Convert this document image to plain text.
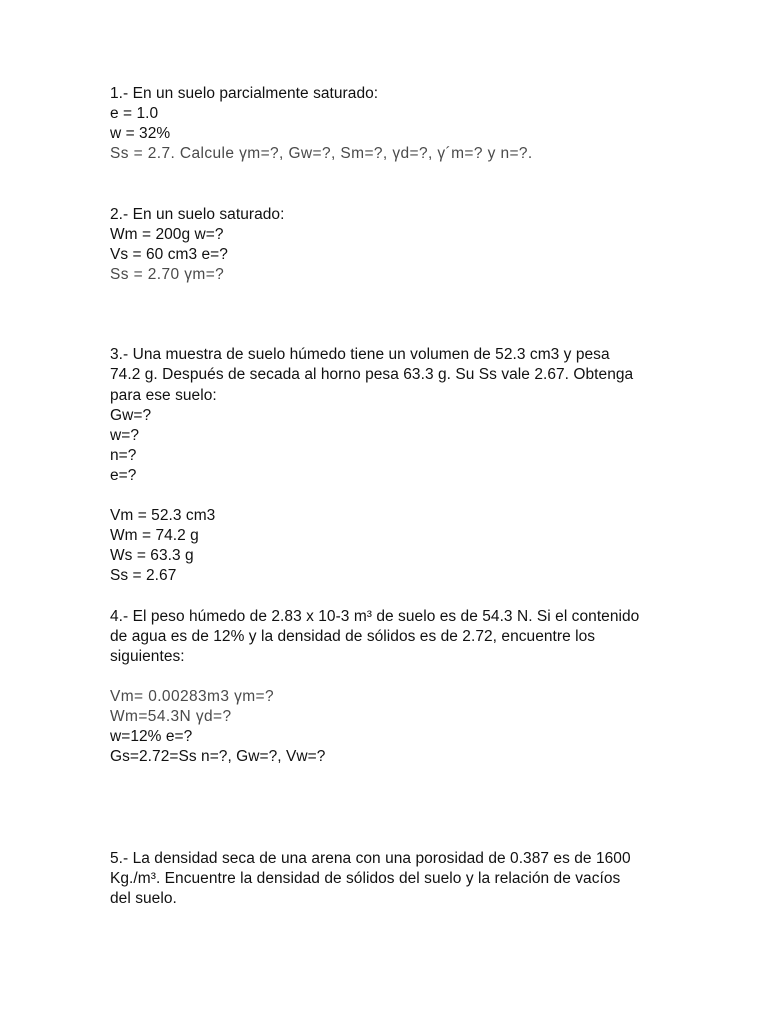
1.- En un suelo parcialmente saturado:
e = 1.0
w = 32%
Ss = 2.7. Calcule γm=?, Gw=?, Sm=?, γd=?, γ´m=? y n=?.
2.- En un suelo saturado:
Wm = 200g w=?
Vs = 60 cm3 e=?
Ss = 2.70 γm=?
3.- Una muestra de suelo húmedo tiene un volumen de 52.3 cm3 y pesa
74.2 g. Después de secada al horno pesa 63.3 g. Su Ss vale 2.67. Obtenga
para ese suelo:
Gw=?
w=?
n=?
e=?
Vm = 52.3 cm3
Wm = 74.2 g
Ws = 63.3 g
Ss = 2.67
4.- El peso húmedo de 2.83 x 10-3 m³ de suelo es de 54.3 N. Si el contenido
de agua es de 12% y la densidad de sólidos es de 2.72, encuentre los
siguientes:
Vm= 0.00283m3 γm=?
Wm=54.3N γd=?
w=12% e=?
Gs=2.72=Ss n=?, Gw=?, Vw=?
5.- La densidad seca de una arena con una porosidad de 0.387 es de 1600
Kg./m³. Encuentre la densidad de sólidos del suelo y la relación de vacíos
del suelo.
